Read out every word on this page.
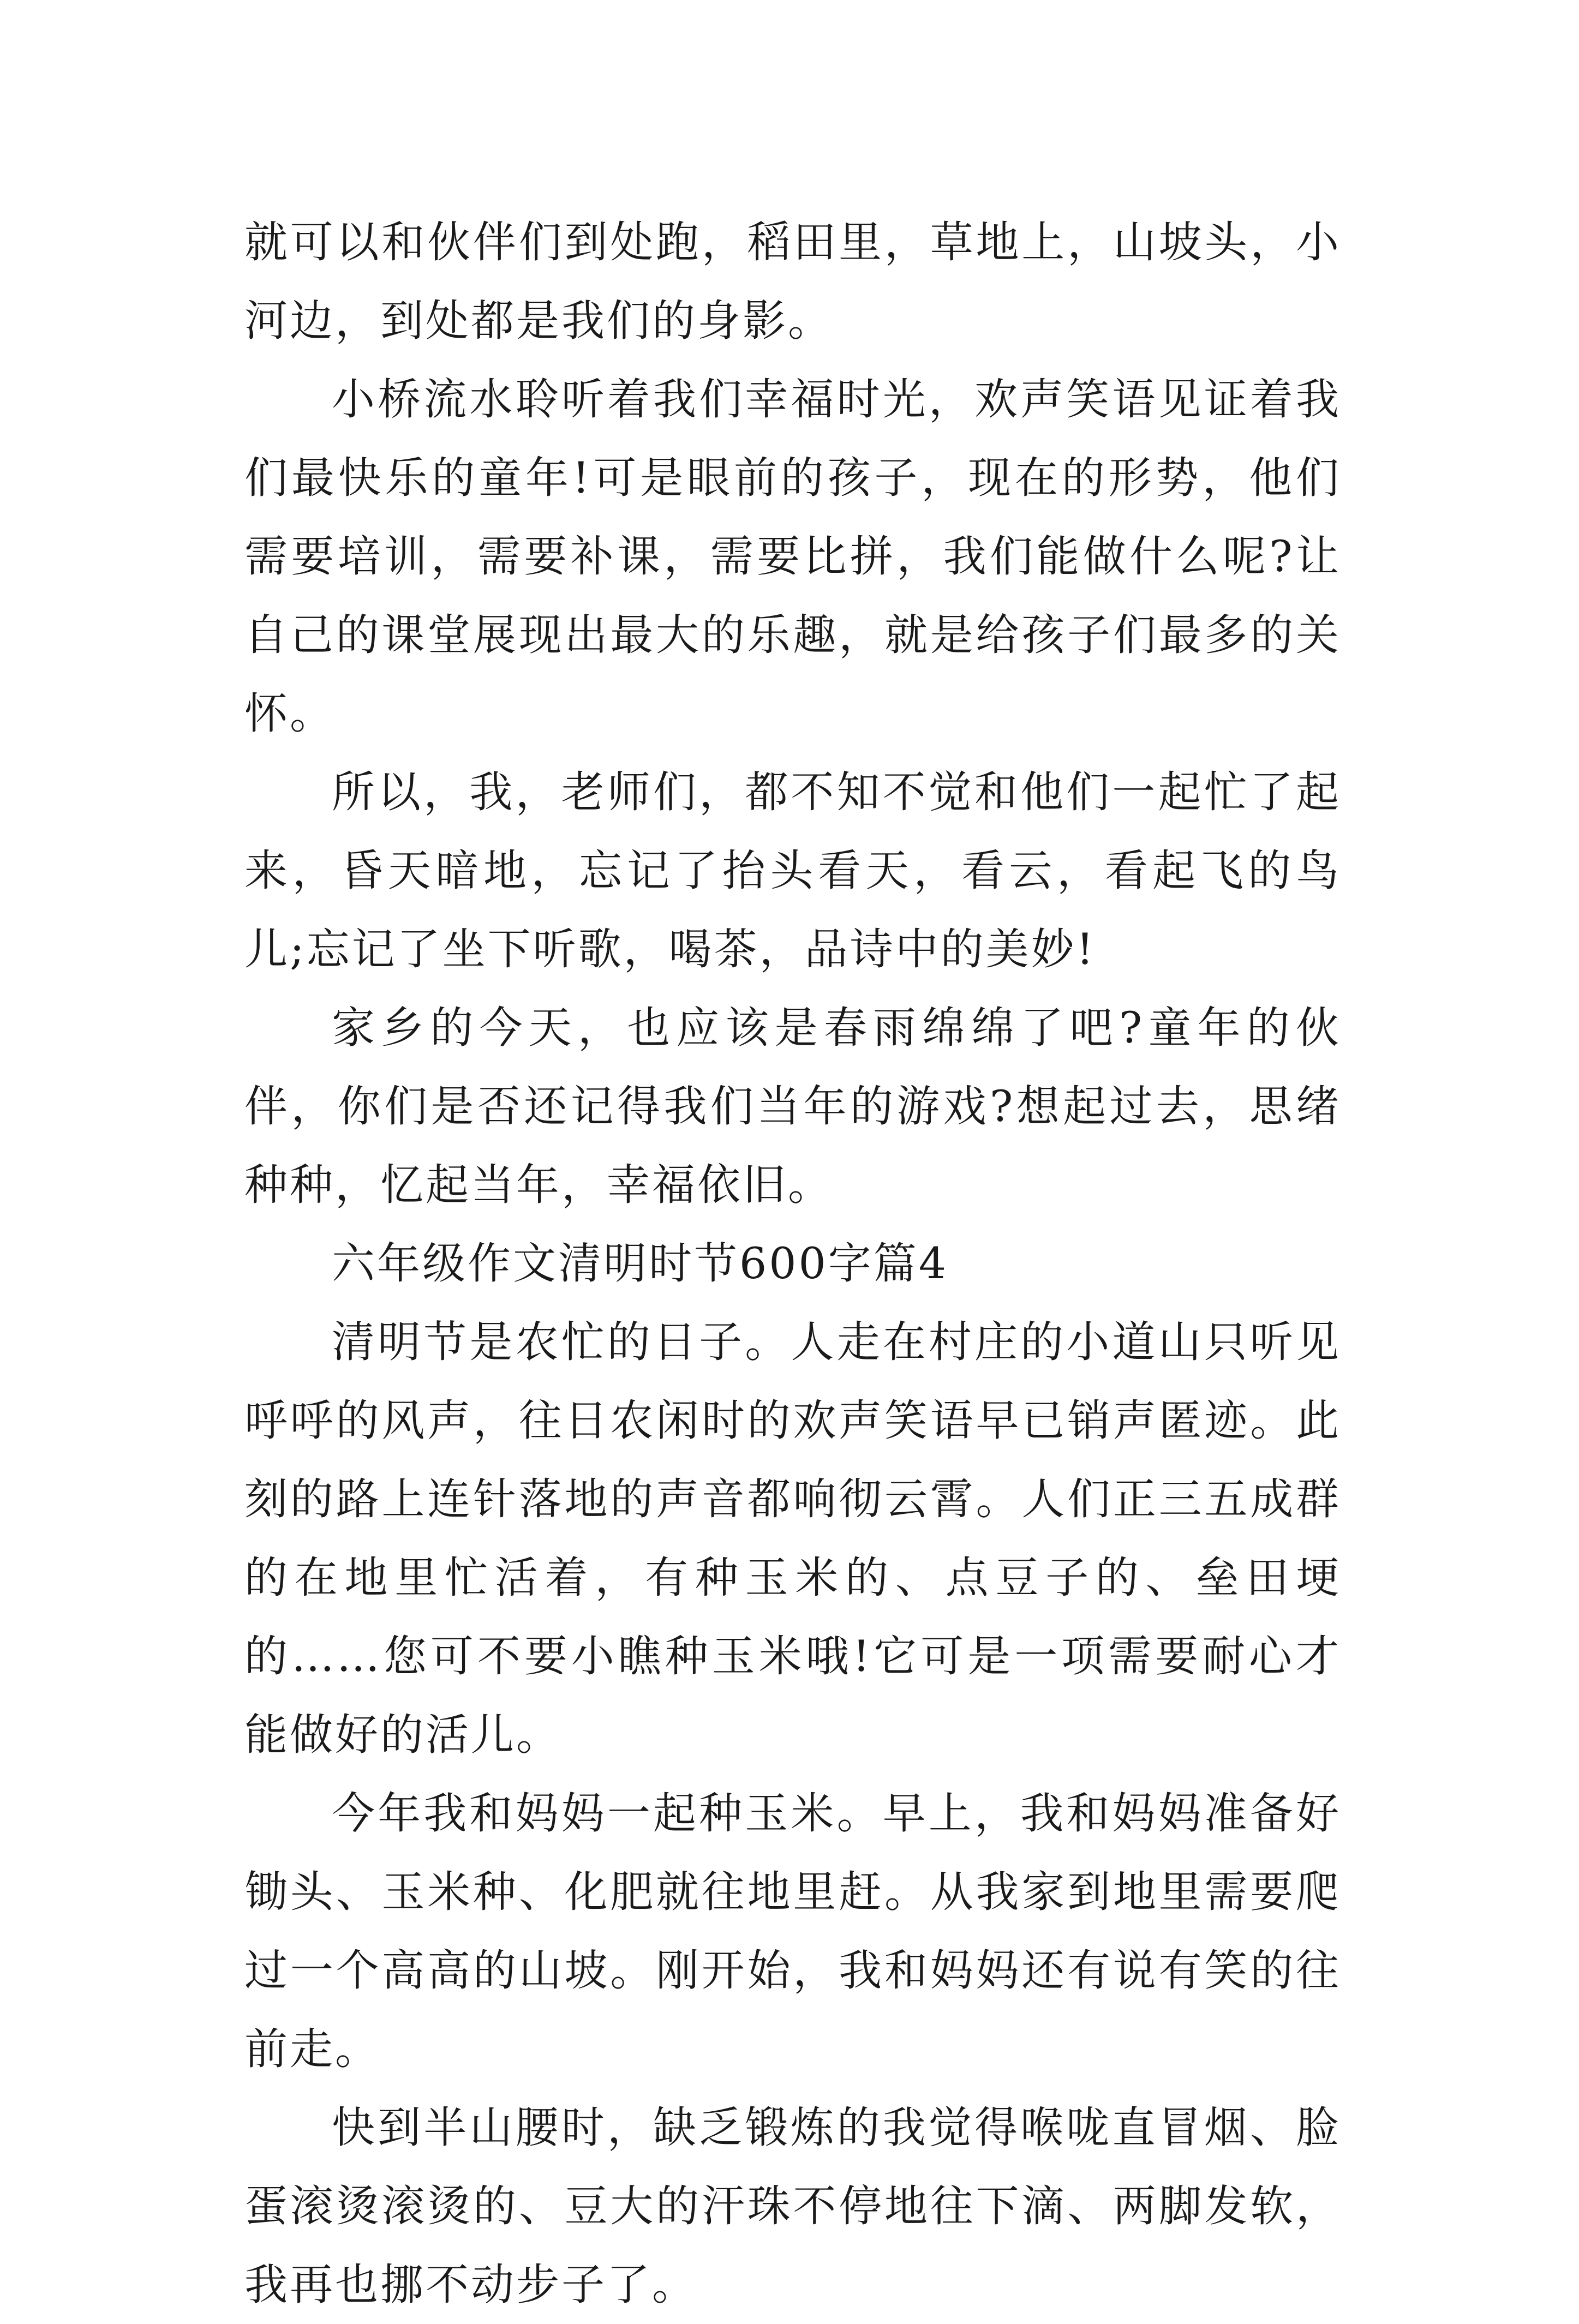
就可以和伙伴们到处跑，稻田里，草地上，山坡头，小河边，到处都是我们的身影。

小桥流水聆听着我们幸福时光，欢声笑语见证着我们最快乐的童年!可是眼前的孩子，现在的形势，他们需要培训，需要补课，需要比拼，我们能做什么呢?让自己的课堂展现出最大的乐趣，就是给孩子们最多的关怀。

所以，我，老师们，都不知不觉和他们一起忙了起来，昏天暗地，忘记了抬头看天，看云，看起飞的鸟儿;忘记了坐下听歌，喝茶，品诗中的美妙!

家乡的今天，也应该是春雨绵绵了吧?童年的伙伴，你们是否还记得我们当年的游戏?想起过去，思绪种种，忆起当年，幸福依旧。

六年级作文清明时节600字篇4

清明节是农忙的日子。人走在村庄的小道山只听见呼呼的风声，往日农闲时的欢声笑语早已销声匿迹。此刻的路上连针落地的声音都响彻云霄。人们正三五成群的在地里忙活着，有种玉米的、点豆子的、垒田埂的……您可不要小瞧种玉米哦!它可是一项需要耐心才能做好的活儿。

今年我和妈妈一起种玉米。早上，我和妈妈准备好锄头、玉米种、化肥就往地里赶。从我家到地里需要爬过一个高高的山坡。刚开始，我和妈妈还有说有笑的往前走。

快到半山腰时，缺乏锻炼的我觉得喉咙直冒烟、脸蛋滚烫滚烫的、豆大的汗珠不停地往下滴、两脚发软，我再也挪不动步子了。
